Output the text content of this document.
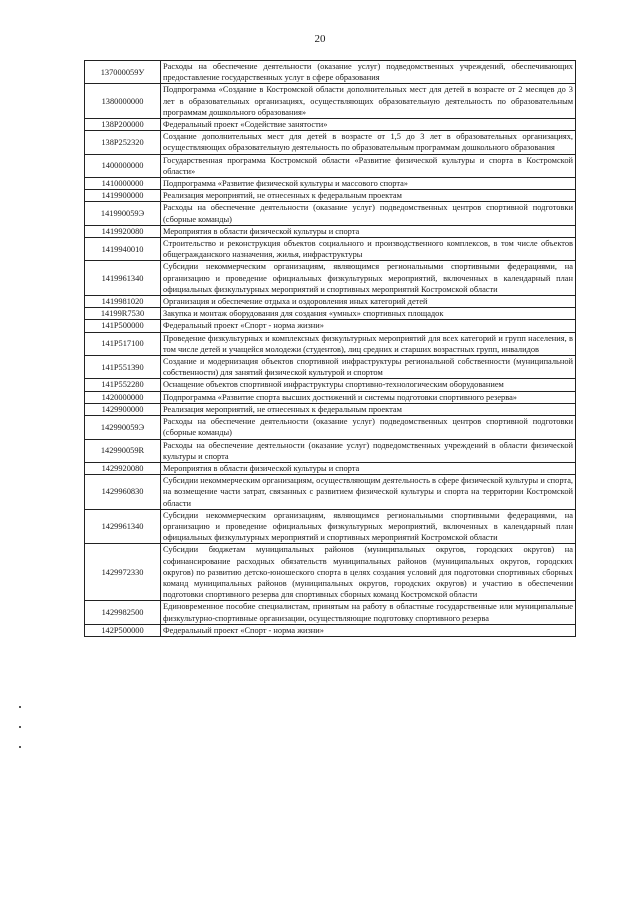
20
137000059У	Расходы на обеспечение деятельности (оказание услуг) подведомственных учреждений, обеспечивающих предоставление государственных услуг в сфере образования
1380000000	Подпрограмма «Создание в Костромской области дополнительных мест для детей в возрасте от 2 месяцев до 3 лет в образовательных организациях, осуществляющих образовательную деятельность по образовательным программам дошкольного образования»
138P200000	Федеральный проект «Содействие занятости»
138P252320	Создание дополнительных мест для детей в возрасте от 1,5 до 3 лет в образовательных организациях, осуществляющих образовательную деятельность по образовательным программам дошкольного образования
1400000000	Государственная программа Костромской области «Развитие физической культуры и спорта в Костромской области»
1410000000	Подпрограмма «Развитие физической культуры и массового спорта»
1419900000	Реализация мероприятий, не отнесенных к федеральным проектам
141990059Э	Расходы на обеспечение деятельности (оказание услуг) подведомственных центров спортивной подготовки (сборные команды)
1419920080	Мероприятия в области физической культуры и спорта
1419940010	Строительство и реконструкция объектов социального и производственного комплексов, в том числе объектов общегражданского назначения, жилья, инфраструктуры
1419961340	Субсидии некоммерческим организациям, являющимся региональными спортивными федерациями, на организацию и проведение официальных физкультурных мероприятий, включенных в календарный план официальных физкультурных мероприятий и спортивных мероприятий Костромской области
1419981020	Организация и обеспечение отдыха и оздоровления иных категорий детей
14199R7530	Закупка и монтаж оборудования для создания «умных» спортивных площадок
141P500000	Федеральный проект «Спорт - норма жизни»
141P517100	Проведение физкультурных и комплексных физкультурных мероприятий для всех категорий и групп населения, в том числе детей и учащейся молодежи (студентов), лиц средних и старших возрастных групп, инвалидов
141P551390	Создание и модернизация объектов спортивной инфраструктуры региональной собственности (муниципальной собственности) для занятий физической культурой и спортом
141P552280	Оснащение объектов спортивной инфраструктуры спортивно-технологическим оборудованием
1420000000	Подпрограмма «Развитие спорта высших достижений и системы подготовки спортивного резерва»
1429900000	Реализация мероприятий, не отнесенных к федеральным проектам
142990059Э	Расходы на обеспечение деятельности (оказание услуг) подведомственных центров спортивной подготовки (сборные команды)
142990059R	Расходы на обеспечение деятельности (оказание услуг) подведомственных учреждений в области физической культуры и спорта
1429920080	Мероприятия в области физической культуры и спорта
1429960830	Субсидии некоммерческим организациям, осуществляющим деятельность в сфере физической культуры и спорта, на возмещение части затрат, связанных с развитием физической культуры и спорта на территории Костромской области
1429961340	Субсидии некоммерческим организациям, являющимся региональными спортивными федерациями, на организацию и проведение официальных физкультурных мероприятий, включенных в календарный план официальных физкультурных мероприятий и спортивных мероприятий Костромской области
1429972330	Субсидии бюджетам муниципальных районов (муниципальных округов, городских округов) на софинансирование расходных обязательств муниципальных районов (муниципальных округов, городских округов) по развитию детско-юношеского спорта в целях создания условий для подготовки спортивных сборных команд муниципальных районов (муниципальных округов, городских округов) и участию в обеспечении подготовки спортивного резерва для спортивных сборных команд Костромской области
1429982500	Единовременное пособие специалистам, принятым на работу в областные государственные или муниципальные физкультурно-спортивные организации, осуществляющие подготовку спортивного резерва
142P500000	Федеральный проект «Спорт - норма жизни»
